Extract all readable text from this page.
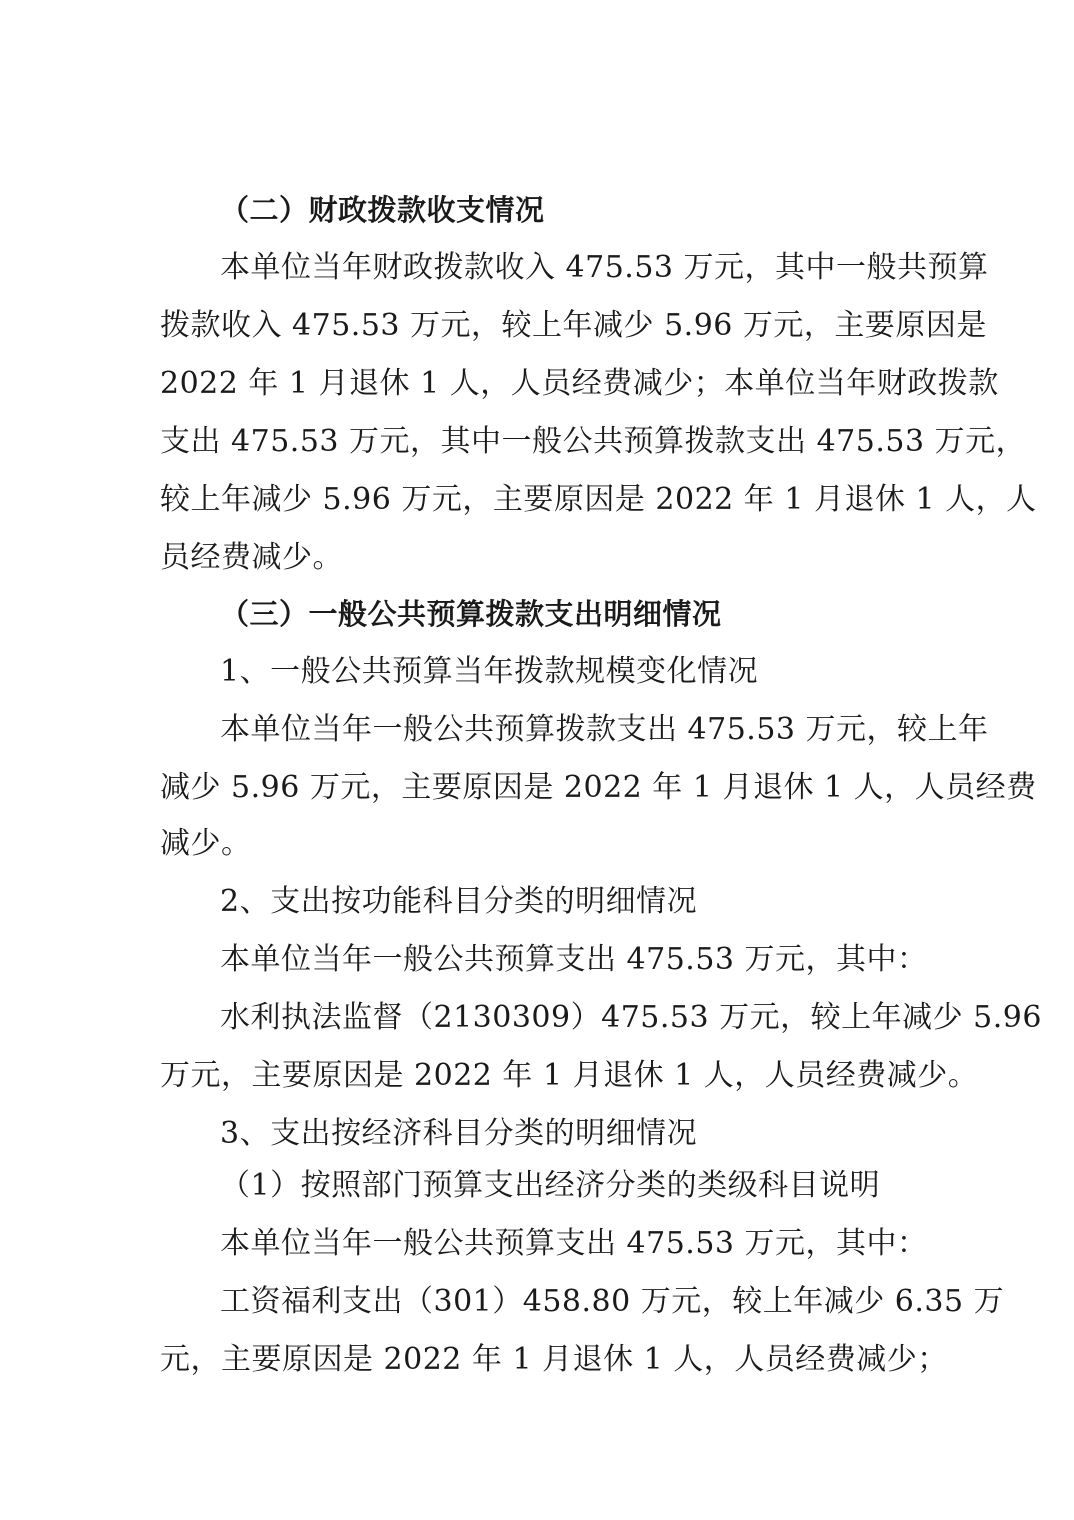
（二）财政拨款收支情况
本单位当年财政拨款收入 475.53 万元，其中一般共预算
拨款收入 475.53 万元，较上年减少 5.96 万元，主要原因是
2022 年 1 月退休 1 人，人员经费减少；本单位当年财政拨款
支出 475.53 万元，其中一般公共预算拨款支出 475.53 万元，
较上年减少 5.96 万元，主要原因是 2022 年 1 月退休 1 人，人
员经费减少。
（三）一般公共预算拨款支出明细情况
1、一般公共预算当年拨款规模变化情况
本单位当年一般公共预算拨款支出 475.53 万元，较上年
减少 5.96 万元，主要原因是 2022 年 1 月退休 1 人，人员经费
减少。
2、支出按功能科目分类的明细情况
本单位当年一般公共预算支出 475.53 万元，其中：
水利执法监督（2130309）475.53 万元，较上年减少 5.96
万元，主要原因是 2022 年 1 月退休 1 人，人员经费减少。
3、支出按经济科目分类的明细情况
（1）按照部门预算支出经济分类的类级科目说明
本单位当年一般公共预算支出 475.53 万元，其中：
工资福利支出（301）458.80 万元，较上年减少 6.35 万
元，主要原因是 2022 年 1 月退休 1 人，人员经费减少；
